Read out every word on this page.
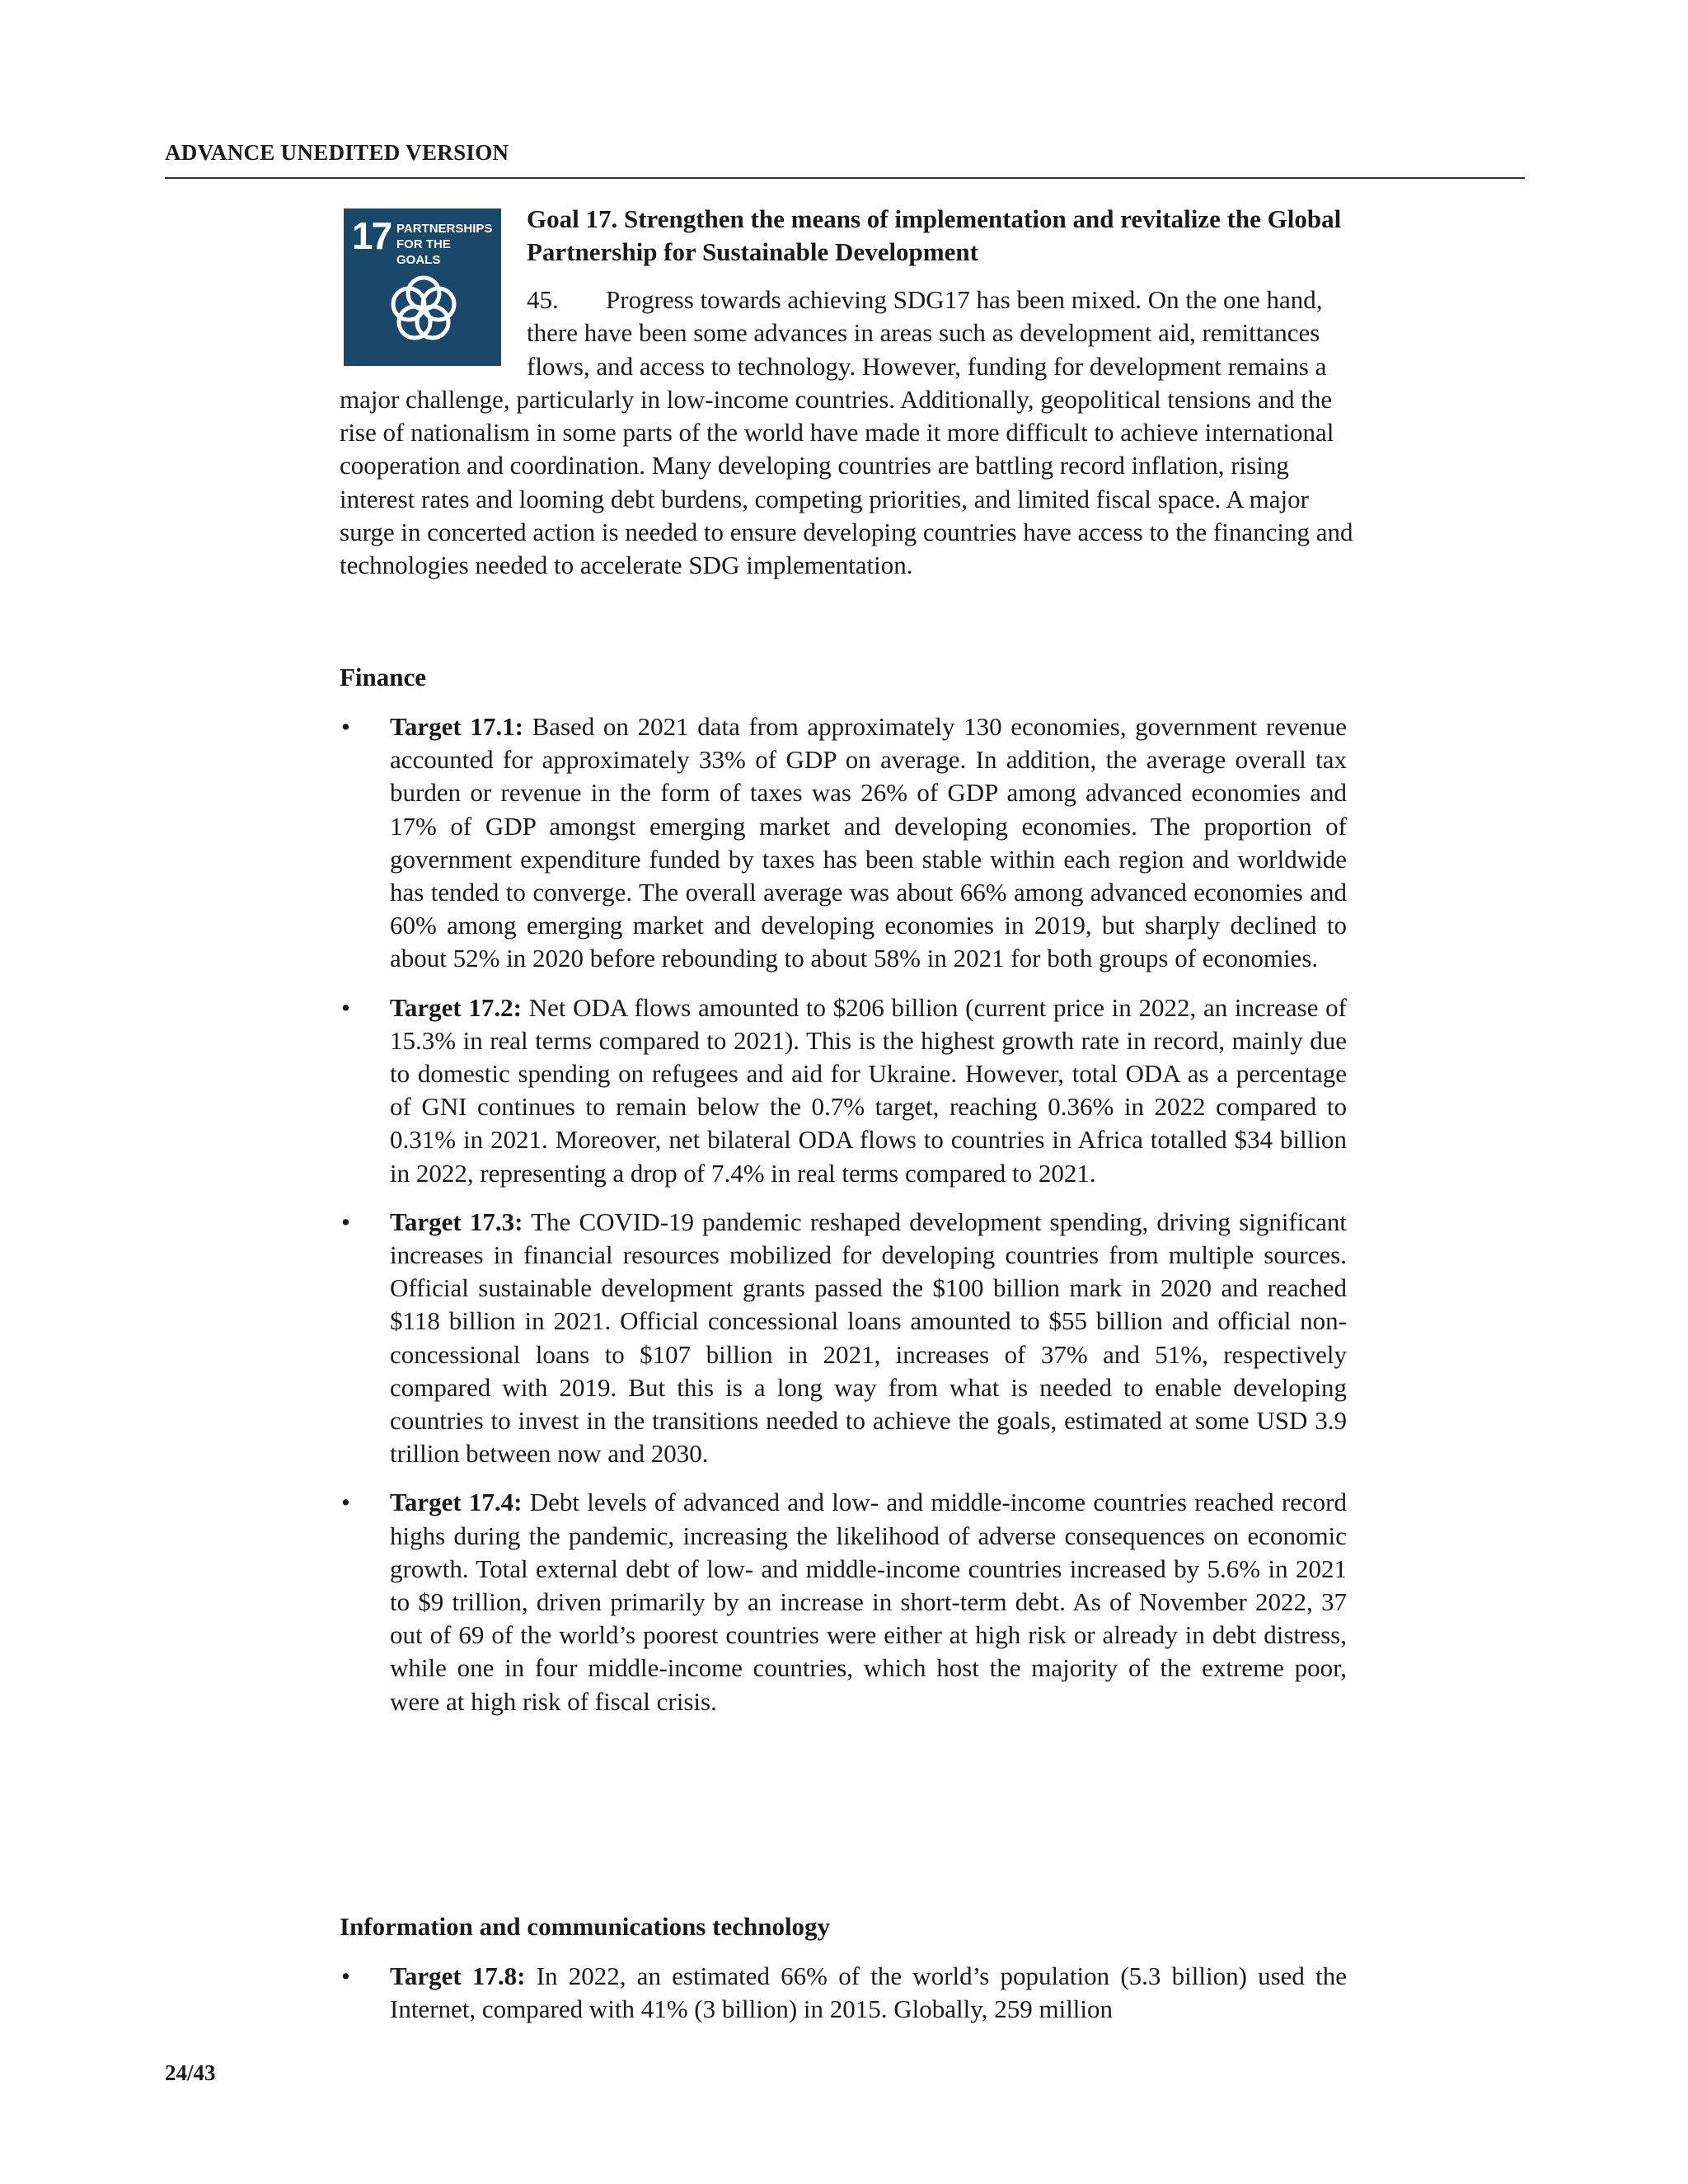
ADVANCE UNEDITED VERSION
17 PARTNERSHIPS
FOR THE GOALS
Goal 17. Strengthen the means of implementation and revitalize the Global Partnership for Sustainable Development
45. Progress towards achieving SDG17 has been mixed. On the one hand, there have been some advances in areas such as development aid, remittances flows, and access to technology. However, funding for development remains a major challenge, particularly in low-income countries. Additionally, geopolitical tensions and the rise of nationalism in some parts of the world have made it more difficult to achieve international cooperation and coordination. Many developing countries are battling record inflation, rising interest rates and looming debt burdens, competing priorities, and limited fiscal space. A major surge in concerted action is needed to ensure developing countries have access to the financing and technologies needed to accelerate SDG implementation.
Finance
• Target 17.1: Based on 2021 data from approximately 130 economies, government revenue accounted for approximately 33% of GDP on average. In addition, the average overall tax burden or revenue in the form of taxes was 26% of GDP among advanced economies and 17% of GDP amongst emerging market and developing economies. The proportion of government expenditure funded by taxes has been stable within each region and worldwide has tended to converge. The overall average was about 66% among advanced economies and 60% among emerging market and developing economies in 2019, but sharply declined to about 52% in 2020 before rebounding to about 58% in 2021 for both groups of economies.
• Target 17.2: Net ODA flows amounted to $206 billion (current price in 2022, an increase of 15.3% in real terms compared to 2021). This is the highest growth rate in record, mainly due to domestic spending on refugees and aid for Ukraine. However, total ODA as a percentage of GNI continues to remain below the 0.7% target, reaching 0.36% in 2022 compared to 0.31% in 2021. Moreover, net bilateral ODA flows to countries in Africa totalled $34 billion in 2022, representing a drop of 7.4% in real terms compared to 2021.
• Target 17.3: The COVID-19 pandemic reshaped development spending, driving significant increases in financial resources mobilized for developing countries from multiple sources. Official sustainable development grants passed the $100 billion mark in 2020 and reached $118 billion in 2021. Official concessional loans amounted to $55 billion and official non-concessional loans to $107 billion in 2021, increases of 37% and 51%, respectively compared with 2019. But this is a long way from what is needed to enable developing countries to invest in the transitions needed to achieve the goals, estimated at some USD 3.9 trillion between now and 2030.
• Target 17.4: Debt levels of advanced and low- and middle-income countries reached record highs during the pandemic, increasing the likelihood of adverse consequences on economic growth. Total external debt of low- and middle-income countries increased by 5.6% in 2021 to $9 trillion, driven primarily by an increase in short-term debt. As of November 2022, 37 out of 69 of the world’s poorest countries were either at high risk or already in debt distress, while one in four middle-income countries, which host the majority of the extreme poor, were at high risk of fiscal crisis.
Information and communications technology
• Target 17.8: In 2022, an estimated 66% of the world’s population (5.3 billion) used the Internet, compared with 41% (3 billion) in 2015. Globally, 259 million
24/43
